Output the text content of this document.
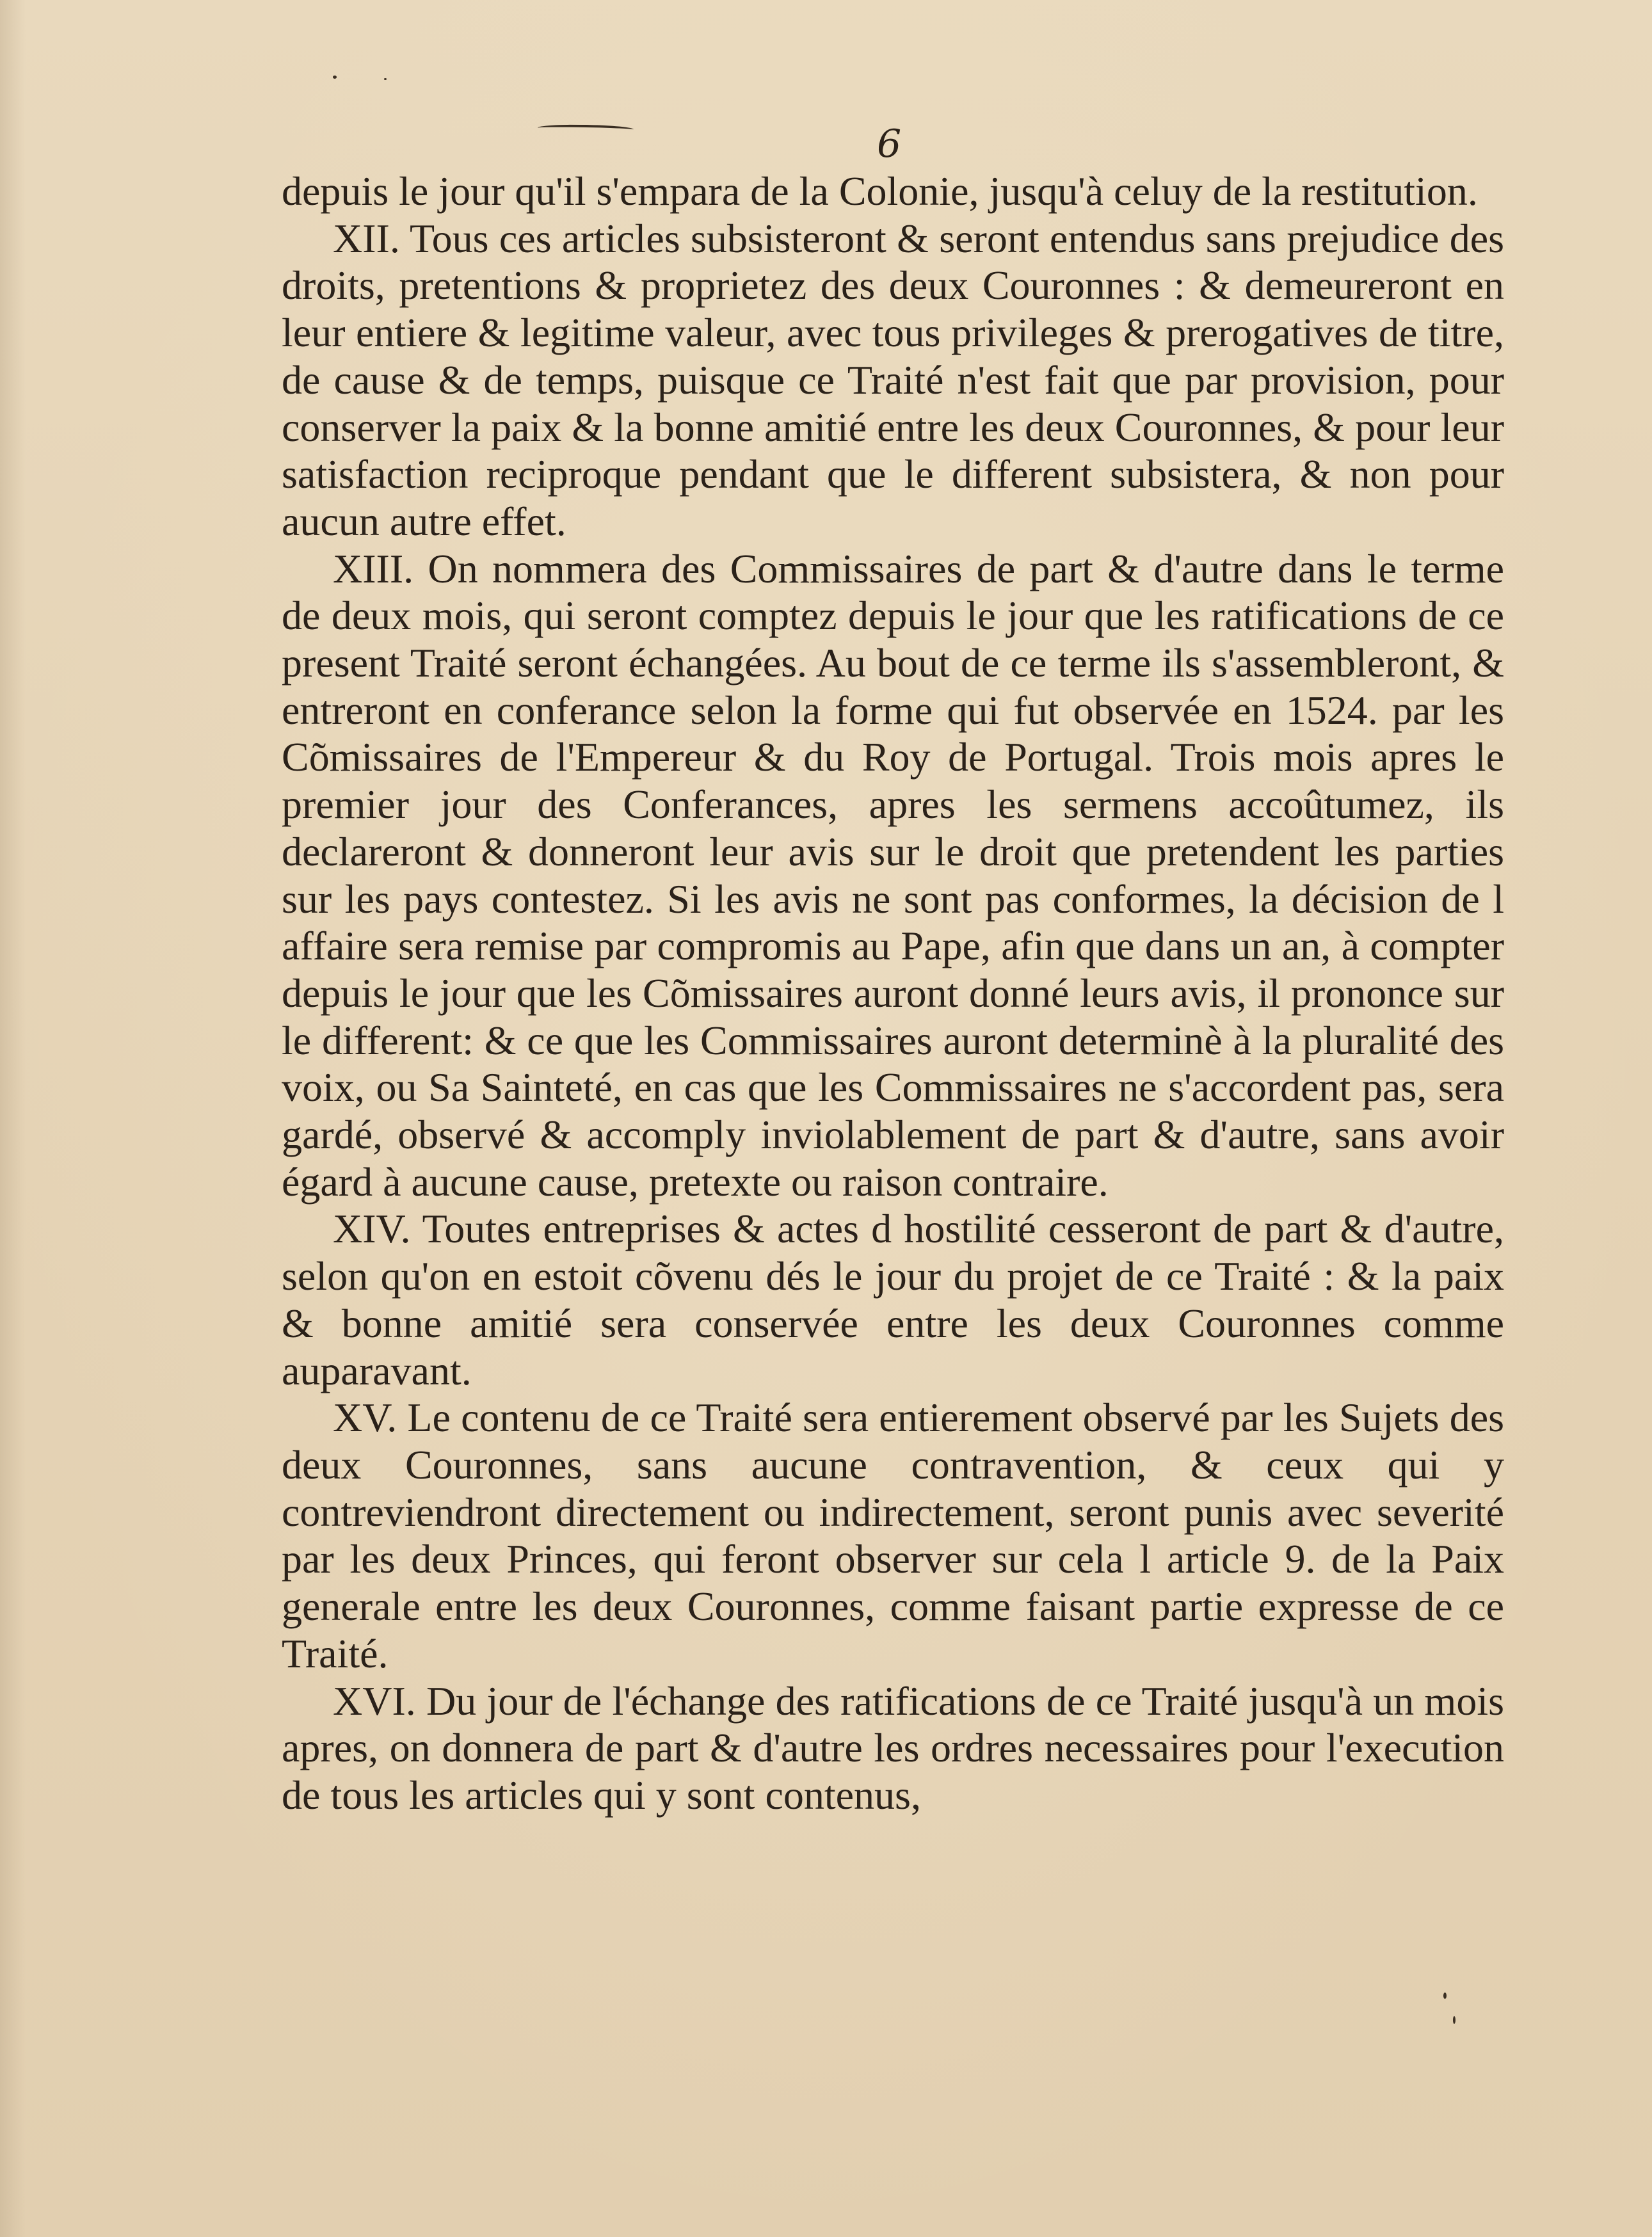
6

depuis le jour qu'il s'empara de la Colonie, jusqu'à celuy de la restitution.

XII. Tous ces articles subsisteront & seront entendus sans prejudice des droits, pretentions & proprietez des deux Couronnes : & demeureront en leur entiere & legitime valeur, avec tous privileges & prerogatives de titre, de cause & de temps, puisque ce Traité n'est fait que par provision, pour conserver la paix & la bonne amitié entre les deux Couronnes, & pour leur satisfaction reciproque pendant que le different subsistera, & non pour aucun autre effet.

XIII. On nommera des Commissaires de part & d'autre dans le terme de deux mois, qui seront comptez depuis le jour que les ratifications de ce present Traité seront échangées. Au bout de ce terme ils s'assembleront, & entreront en conferance selon la forme qui fut observée en 1524. par les Cõmissaires de l'Empereur & du Roy de Portugal. Trois mois apres le premier jour des Conferances, apres les sermens accoûtumez, ils declareront & donneront leur avis sur le droit que pretendent les parties sur les pays contestez. Si les avis ne sont pas conformes, la décision de l affaire sera remise par compromis au Pape, afin que dans un an, à compter depuis le jour que les Cõmissaires auront donné leurs avis, il prononce sur le different: & ce que les Commissaires auront determinè à la pluralité des voix, ou Sa Sainteté, en cas que les Commissaires ne s'accordent pas, sera gardé, observé & accomply inviolablement de part & d'autre, sans avoir égard à aucune cause, pretexte ou raison contraire.

XIV. Toutes entreprises & actes d hostilité cesseront de part & d'autre, selon qu'on en estoit cõvenu dés le jour du projet de ce Traité : & la paix & bonne amitié sera conservée entre les deux Couronnes comme auparavant.

XV. Le contenu de ce Traité sera entierement observé par les Sujets des deux Couronnes, sans aucune contravention, & ceux qui y contreviendront directement ou indirectement, seront punis avec severité par les deux Princes, qui feront observer sur cela l article 9. de la Paix generale entre les deux Couronnes, comme faisant partie expresse de ce Traité.

XVI. Du jour de l'échange des ratifications de ce Traité jusqu'à un mois apres, on donnera de part & d'autre les ordres necessaires pour l'execution de tous les articles qui y sont contenus,
